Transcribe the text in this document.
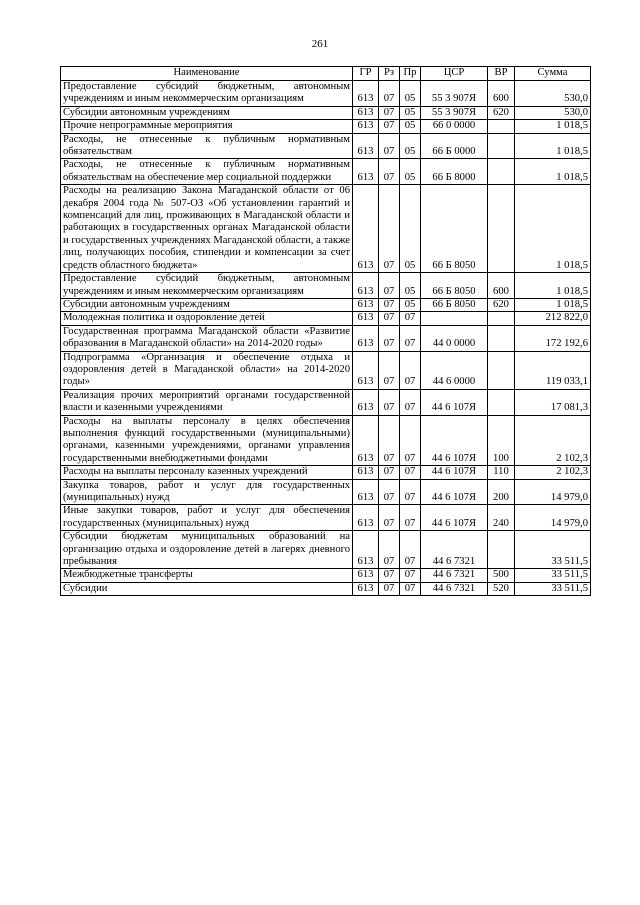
261
Наименование	ГР	Рз	Пр	ЦСР	ВР	Сумма
Предоставление субсидий бюджетным, автономным учреждениям и иным некоммерческим организациям	613	07	05	55 3 907Я	600	530,0
Субсидии автономным учреждениям	613	07	05	55 3 907Я	620	530,0
Прочие непрограммные мероприятия	613	07	05	66 0 0000		1 018,5
Расходы, не отнесенные к публичным нормативным обязательствам	613	07	05	66 Б 0000		1 018,5
Расходы, не отнесенные к публичным нормативным обязательствам на обеспечение мер социальной поддержки	613	07	05	66 Б 8000		1 018,5
Расходы на реализацию Закона Магаданской области от 06 декабря 2004 года № 507-ОЗ «Об установлении гарантий и компенсаций для лиц, проживающих в Магаданской области и работающих в государственных органах Магаданской области и государственных учреждениях Магаданской области, а также лиц, получающих пособия, стипендии и компенсации за счет средств областного бюджета»	613	07	05	66 Б 8050		1 018,5
Предоставление субсидий бюджетным, автономным учреждениям и иным некоммерческим организациям	613	07	05	66 Б 8050	600	1 018,5
Субсидии автономным учреждениям	613	07	05	66 Б 8050	620	1 018,5
Молодежная политика и оздоровление детей	613	07	07			212 822,0
Государственная программа Магаданской области «Развитие образования в Магаданской области» на 2014-2020 годы»	613	07	07	44 0 0000		172 192,6
Подпрограмма «Организация и обеспечение отдыха и оздоровления детей в Магаданской области» на 2014-2020 годы»	613	07	07	44 6 0000		119 033,1
Реализация прочих мероприятий органами государственной власти и казенными учреждениями	613	07	07	44 6 107Я		17 081,3
Расходы на выплаты персоналу в целях обеспечения выполнения функций государственными (муниципальными) органами, казенными учреждениями, органами управления государственными внебюджетными фондами	613	07	07	44 6 107Я	100	2 102,3
Расходы на выплаты персоналу казенных учреждений	613	07	07	44 6 107Я	110	2 102,3
Закупка товаров, работ и услуг для государственных (муниципальных) нужд	613	07	07	44 6 107Я	200	14 979,0
Иные закупки товаров, работ и услуг для обеспечения государственных (муниципальных) нужд	613	07	07	44 6 107Я	240	14 979,0
Субсидии бюджетам муниципальных образований на организацию отдыха и оздоровление детей в лагерях дневного пребывания	613	07	07	44 6 7321		33 511,5
Межбюджетные трансферты	613	07	07	44 6 7321	500	33 511,5
Субсидии	613	07	07	44 6 7321	520	33 511,5
